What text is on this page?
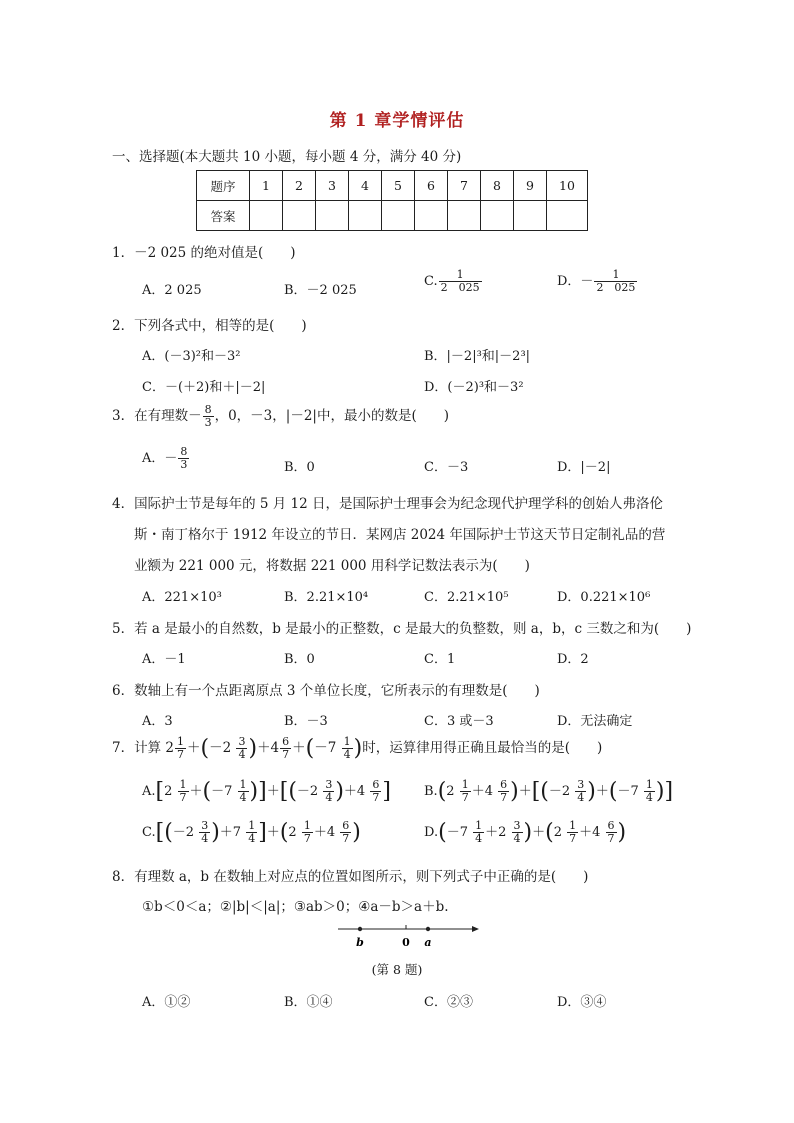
第 1 章学情评估
一、选择题(本大题共 10 小题，每小题 4 分，满分 40 分)
题序	1	2	3	4	5	6	7	8	9	10
答案										
1．－2 025 的绝对值是(　　)
A．2 025	B．－2 025
C. $\frac{1}{2 025}$	D．－ $\frac{1}{2 025}$
2．下列各式中，相等的是(　　)
A．(－3)²和－3²	B．|－2|³和|－2³|
C．－(＋2)和＋|－2|	D．(－2)³和－3²
3．在有理数－ $\frac{8}{3}$ ，0，－3，|－2|中，最小的数是(　　)
A．－ $\frac{8}{3}$	B．0	C．－3	D．|－2|
4．国际护士节是每年的 5 月 12 日，是国际护士理事会为纪念现代护理学科的创始人弗洛伦
斯・南丁格尔于 1912 年设立的节日．某网店 2024 年国际护士节这天节日定制礼品的营
业额为 221 000 元，将数据 221 000 用科学记数法表示为(　　)
A．221×10³	B．2.21×10⁴	C．2.21×10⁵	D．0.221×10⁶
5．若 a 是最小的自然数，b 是最小的正整数，c 是最大的负整数，则 a，b，c 三数之和为(　　)
A．－1	B．0	C．1	D．2
6．数轴上有一个点距离原点 3 个单位长度，它所表示的有理数是(　　)
A．3	B．－3	C．3 或－3	D．无法确定
7．计算 $2 \frac{1}{7} +(-2 \frac{3}{4} )+4 \frac{6}{7} +(-7 \frac{1}{4}$ )时，运算律用得正确且最恰当的是(　　)
$A.[2 \frac{1}{7} +(-7 \frac{1}{4} )]+[(-2 \frac{3}{4} )+4 \frac{6}{7}$ ]	$B.(2 \frac{1}{7} +4 \frac{6}{7} )+[(-2 \frac{3}{4} )+(-7 \frac{1}{4}$ )]
$C.[(-2 \frac{3}{4} )+7 \frac{1}{4} ]+(2 \frac{1}{7} +4 \frac{6}{7}$ )	$D.(-7 \frac{1}{4} +2 \frac{3}{4} )+(2 \frac{1}{7} +4 \frac{6}{7}$ )
8．有理数 a，b 在数轴上对应点的位置如图所示，则下列式子中正确的是(　　)
①b＜0＜a；②|b|＜|a|；③ab＞0；④a－b＞a＋b.
b	0 a
(第 8 题)
A．①②	B．①④	C．②③	D．③④
